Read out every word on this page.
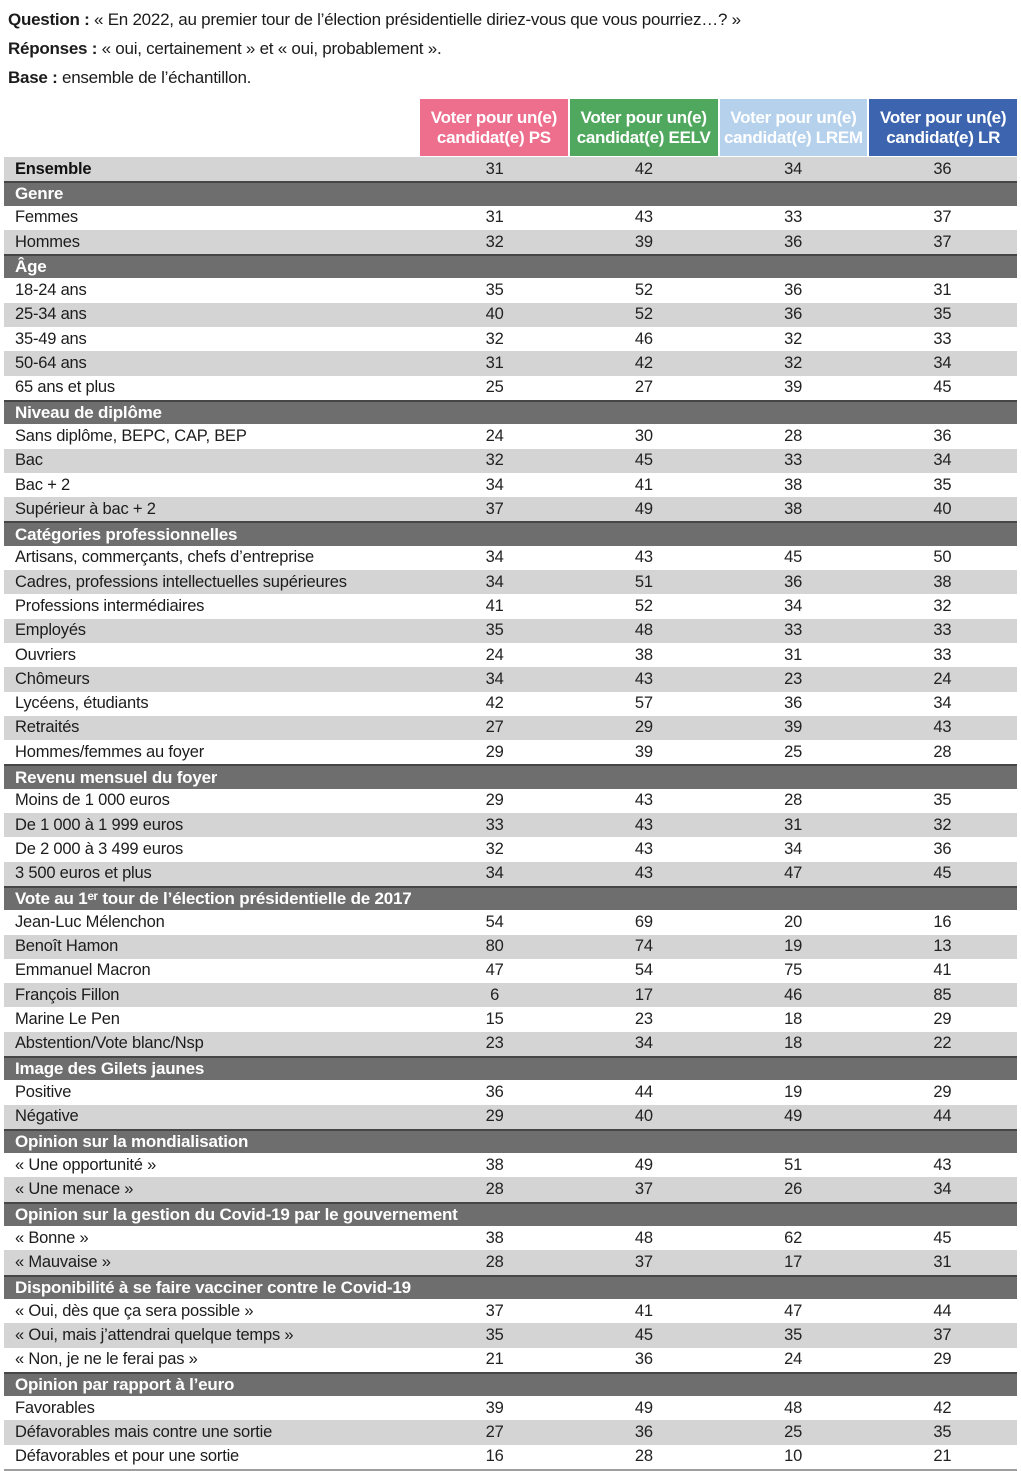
Question : « En 2022, au premier tour de l’élection présidentielle diriez-vous que vous pourriez…? »
Réponses : « oui, certainement » et « oui, probablement ».
Base : ensemble de l’échantillon.
Voter pour un(e)
candidat(e) PS
Voter pour un(e)
candidat(e) EELV
Voter pour un(e)
candidat(e) LREM
Voter pour un(e)
candidat(e) LR
Ensemble	31	42	34	36
Genre
Femmes	31	43	33	37
Hommes	32	39	36	37
Âge
18-24 ans	35	52	36	31
25-34 ans	40	52	36	35
35-49 ans	32	46	32	33
50-64 ans	31	42	32	34
65 ans et plus	25	27	39	45
Niveau de diplôme
Sans diplôme, BEPC, CAP, BEP	24	30	28	36
Bac	32	45	33	34
Bac + 2	34	41	38	35
Supérieur à bac + 2	37	49	38	40
Catégories professionnelles
Artisans, commerçants, chefs d’entreprise	34	43	45	50
Cadres, professions intellectuelles supérieures	34	51	36	38
Professions intermédiaires	41	52	34	32
Employés	35	48	33	33
Ouvriers	24	38	31	33
Chômeurs	34	43	23	24
Lycéens, étudiants	42	57	36	34
Retraités	27	29	39	43
Hommes/femmes au foyer	29	39	25	28
Revenu mensuel du foyer
Moins de 1 000 euros	29	43	28	35
De 1 000 à 1 999 euros	33	43	31	32
De 2 000 à 3 499 euros	32	43	34	36
3 500 euros et plus	34	43	47	45
Vote au 1ᵉʳ tour de l’élection présidentielle de 2017
Jean-Luc Mélenchon	54	69	20	16
Benoît Hamon	80	74	19	13
Emmanuel Macron	47	54	75	41
François Fillon	6	17	46	85
Marine Le Pen	15	23	18	29
Abstention/Vote blanc/Nsp	23	34	18	22
Image des Gilets jaunes
Positive	36	44	19	29
Négative	29	40	49	44
Opinion sur la mondialisation
« Une opportunité »	38	49	51	43
« Une menace »	28	37	26	34
Opinion sur la gestion du Covid-19 par le gouvernement
« Bonne »	38	48	62	45
« Mauvaise »	28	37	17	31
Disponibilité à se faire vacciner contre le Covid-19
« Oui, dès que ça sera possible »	37	41	47	44
« Oui, mais j’attendrai quelque temps »	35	45	35	37
« Non, je ne le ferai pas »	21	36	24	29
Opinion par rapport à l’euro
Favorables	39	49	48	42
Défavorables mais contre une sortie	27	36	25	35
Défavorables et pour une sortie	16	28	10	21
